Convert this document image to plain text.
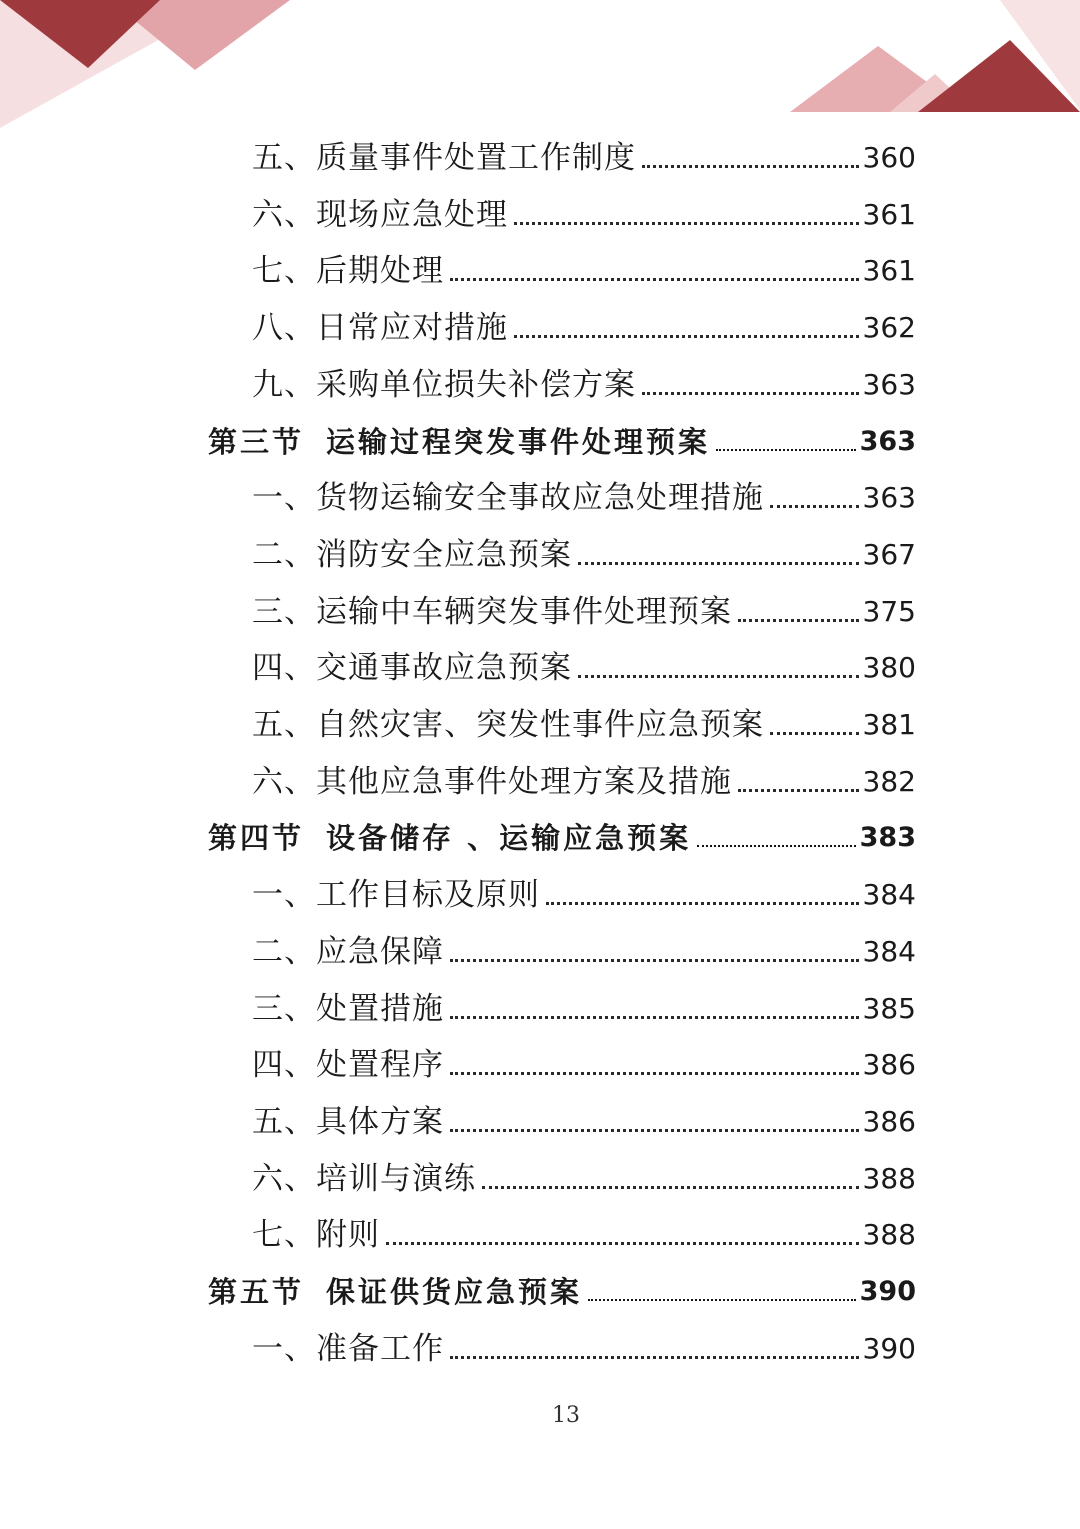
五、质量事件处置工作制度	360
六、现场应急处理	361
七、后期处理	361
八、日常应对措施	362
九、采购单位损失补偿方案	363
第三节 运输过程突发事件处理预案	363
一、货物运输安全事故应急处理措施	363
二、消防安全应急预案	367
三、运输中车辆突发事件处理预案	375
四、交通事故应急预案	380
五、自然灾害、突发性事件应急预案	381
六、其他应急事件处理方案及措施	382
第四节 设备储存 、运输应急预案	383
一、工作目标及原则	384
二、应急保障	384
三、处置措施	385
四、处置程序	386
五、具体方案	386
六、培训与演练	388
七、附则	388
第五节 保证供货应急预案	390
一、准备工作	390
13
